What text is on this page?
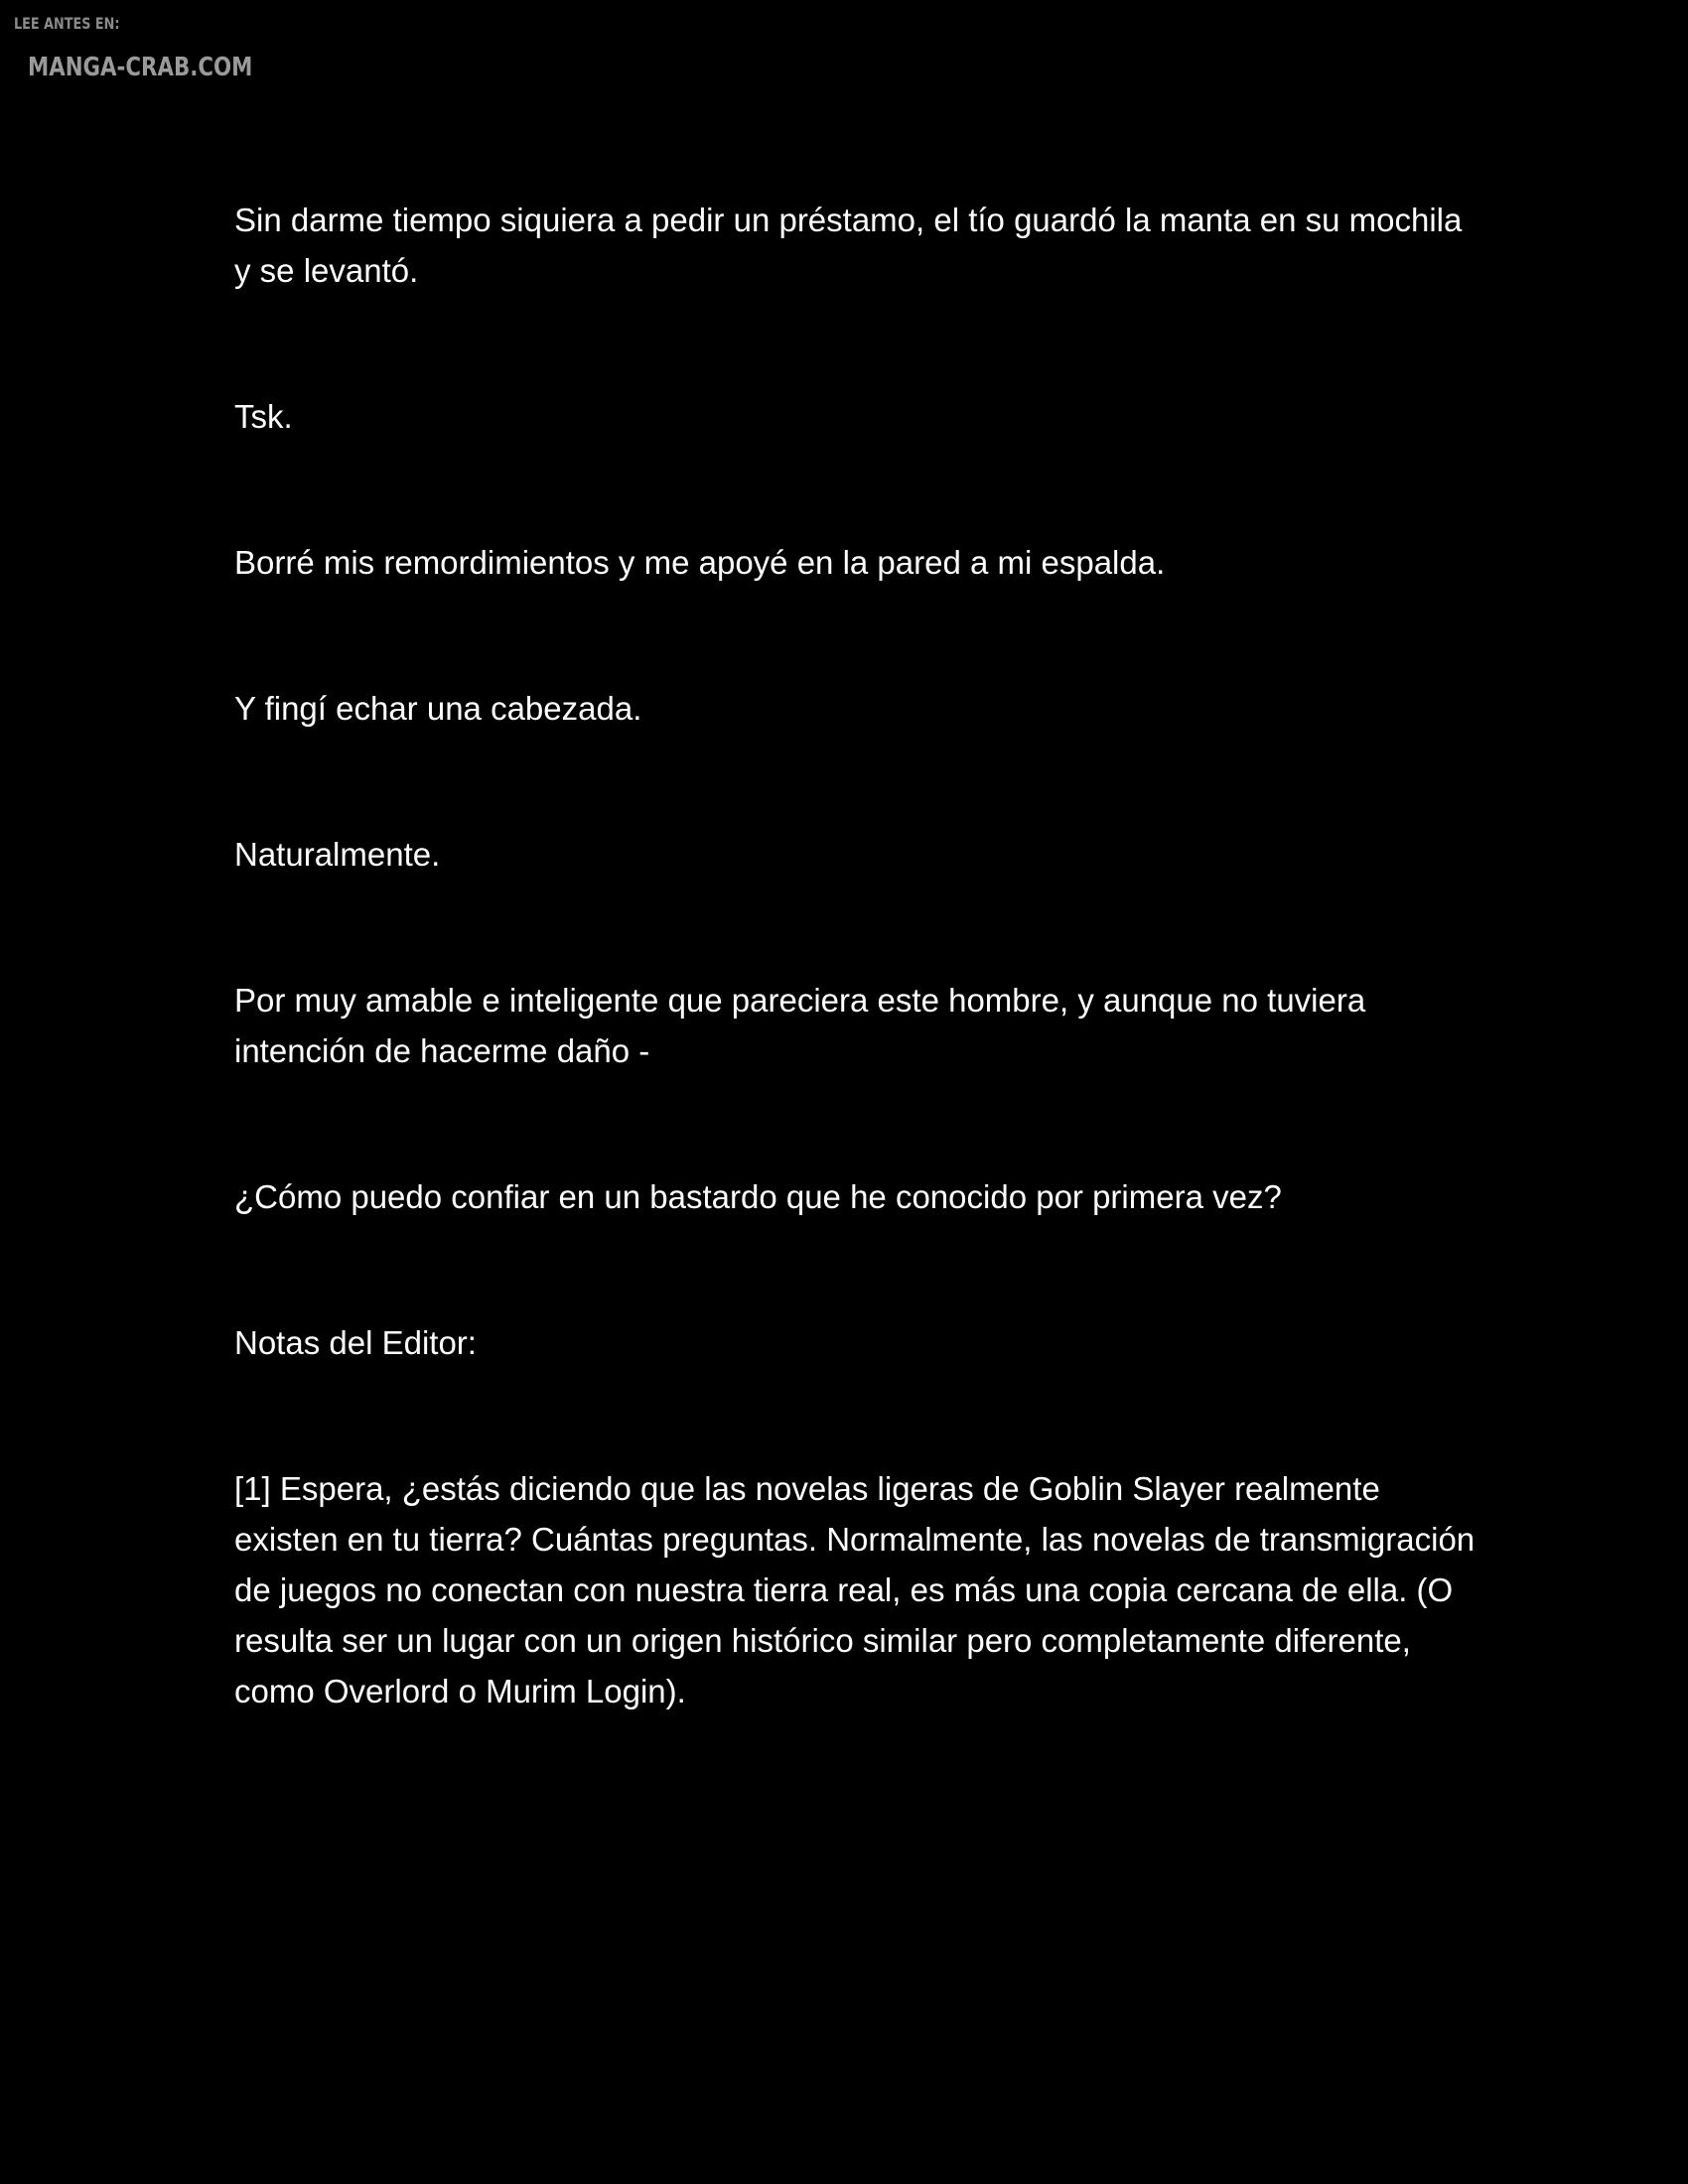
LEE ANTES EN:
MANGA-CRAB.COM

Sin darme tiempo siquiera a pedir un préstamo, el tío guardó la manta en su mochila y se levantó.

Tsk.

Borré mis remordimientos y me apoyé en la pared a mi espalda.

Y fingí echar una cabezada.

Naturalmente.

Por muy amable e inteligente que pareciera este hombre, y aunque no tuviera intención de hacerme daño -

¿Cómo puedo confiar en un bastardo que he conocido por primera vez?

Notas del Editor:

[1] Espera, ¿estás diciendo que las novelas ligeras de Goblin Slayer realmente existen en tu tierra? Cuántas preguntas. Normalmente, las novelas de transmigración de juegos no conectan con nuestra tierra real, es más una copia cercana de ella. (O resulta ser un lugar con un origen histórico similar pero completamente diferente, como Overlord o Murim Login).
